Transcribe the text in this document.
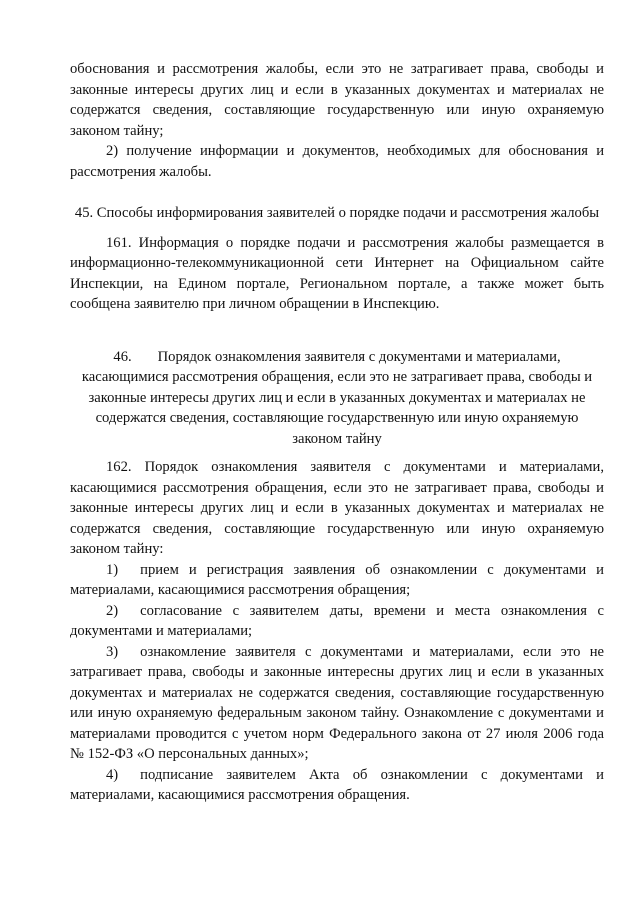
обоснования и рассмотрения жалобы, если это не затрагивает права, свободы и законные интересы других лиц и если в указанных документах и материалах не содержатся сведения, составляющие государственную или иную охраняемую законом тайну;

2) получение информации и документов, необходимых для обоснования и рассмотрения жалобы.

45. Способы информирования заявителей о порядке подачи и рассмотрения жалобы

161. Информация о порядке подачи и рассмотрения жалобы размещается в информационно-телекоммуникационной сети Интернет на Официальном сайте Инспекции, на Едином портале, Региональном портале, а также может быть сообщена заявителю при личном обращении в Инспекцию.

46. Порядок ознакомления заявителя с документами и материалами, касающимися рассмотрения обращения, если это не затрагивает права, свободы и законные интересы других лиц и если в указанных документах и материалах не содержатся сведения, составляющие государственную или иную охраняемую законом тайну

162. Порядок ознакомления заявителя с документами и материалами, касающимися рассмотрения обращения, если это не затрагивает права, свободы и законные интересы других лиц и если в указанных документах и материалах не содержатся сведения, составляющие государственную или иную охраняемую законом тайну:

1) прием и регистрация заявления об ознакомлении с документами и материалами, касающимися рассмотрения обращения;

2) согласование с заявителем даты, времени и места ознакомления с документами и материалами;

3) ознакомление заявителя с документами и материалами, если это не затрагивает права, свободы и законные интересны других лиц и если в указанных документах и материалах не содержатся сведения, составляющие государственную или иную охраняемую федеральным законом тайну. Ознакомление с документами и материалами проводится с учетом норм Федерального закона от 27 июля 2006 года № 152-ФЗ «О персональных данных»;

4) подписание заявителем Акта об ознакомлении с документами и материалами, касающимися рассмотрения обращения.
